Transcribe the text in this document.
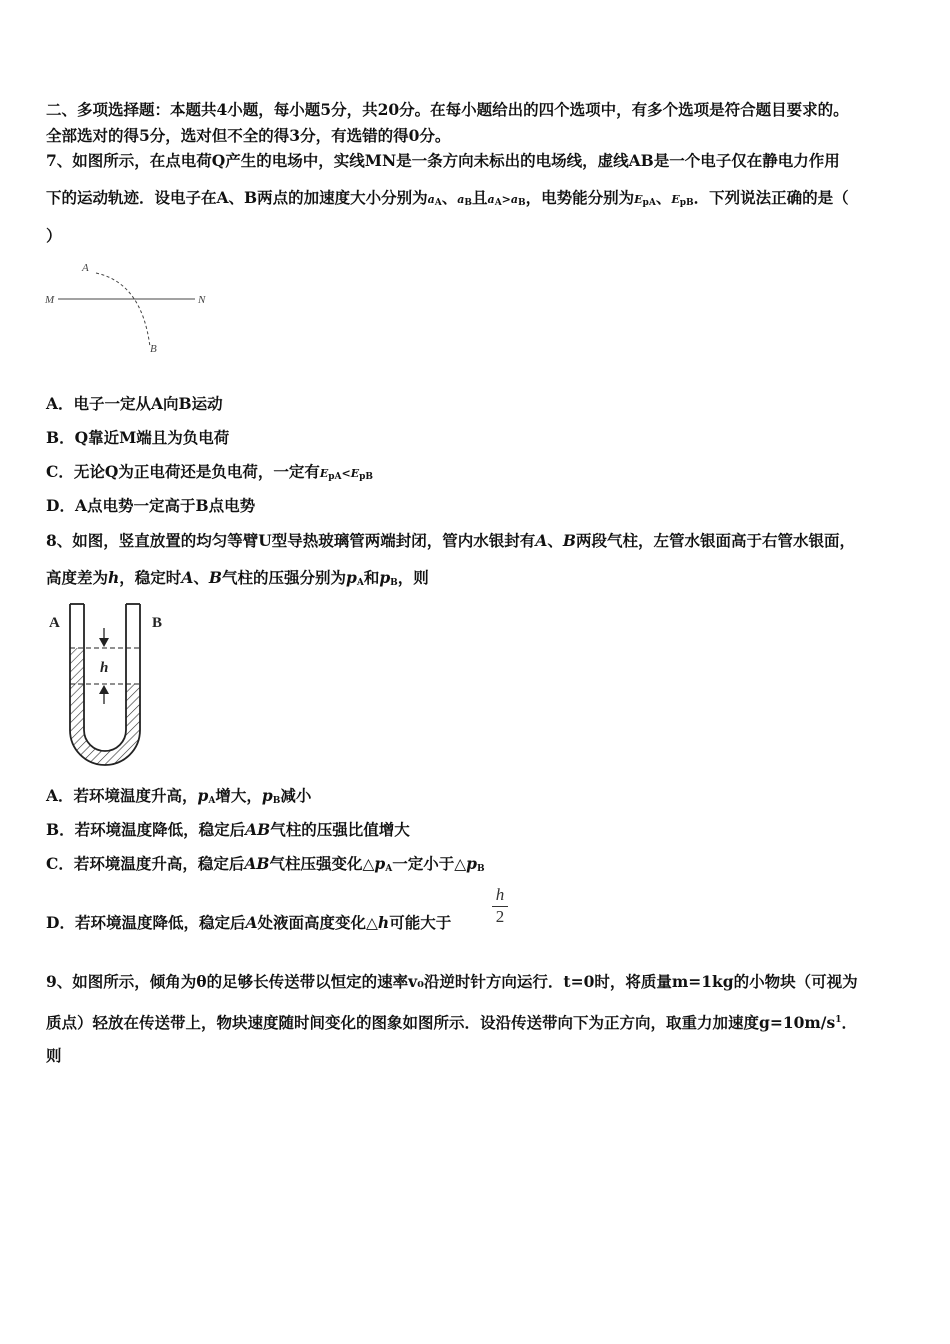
二、多项选择题：本题共4小题，每小题5分，共20分。在每小题给出的四个选项中，有多个选项是符合题目要求的。
全部选对的得5分，选对但不全的得3分，有选错的得0分。
7、如图所示，在点电荷Q产生的电场中，实线MN是一条方向未标出的电场线，虚线AB是一个电子仅在静电力作用
下的运动轨迹．设电子在A、B两点的加速度大小分别为$a_A$、$a_B$且$a_A>a_B$，电势能分别为$E_{pA}$、$E_{pB}$．下列说法正确的是（
）
A
M	N
B
A．电子一定从A向B运动
B．Q靠近M端且为负电荷
C．无论Q为正电荷还是负电荷，一定有$E_{pA}<E_{pB}$
D．A点电势一定高于B点电势
8、如图，竖直放置的均匀等臂U型导热玻璃管两端封闭，管内水银封有A、B两段气柱，左管水银面高于右管水银面，
高度差为h，稳定时A、B气柱的压强分别为$p_A$和$p_B$，则
h
A	B
A．若环境温度升高，$p_A$增大，$p_B$减小
B．若环境温度降低，稳定后AB气柱的压强比值增大
C．若环境温度升高，稳定后AB气柱压强变化$\triangle p_A$一定小于$\triangle p_B$
D．若环境温度降低，稳定后A处液面高度变化△h可能大于
h
2
9、如图所示，倾角为θ的足够长传送带以恒定的速率v₀沿逆时针方向运行．t=0时，将质量m=1kg的小物块（可视为
质点）轻放在传送带上，物块速度随时间变化的图象如图所示．设沿传送带向下为正方向，取重力加速度$g=10m/s^1$．
则
